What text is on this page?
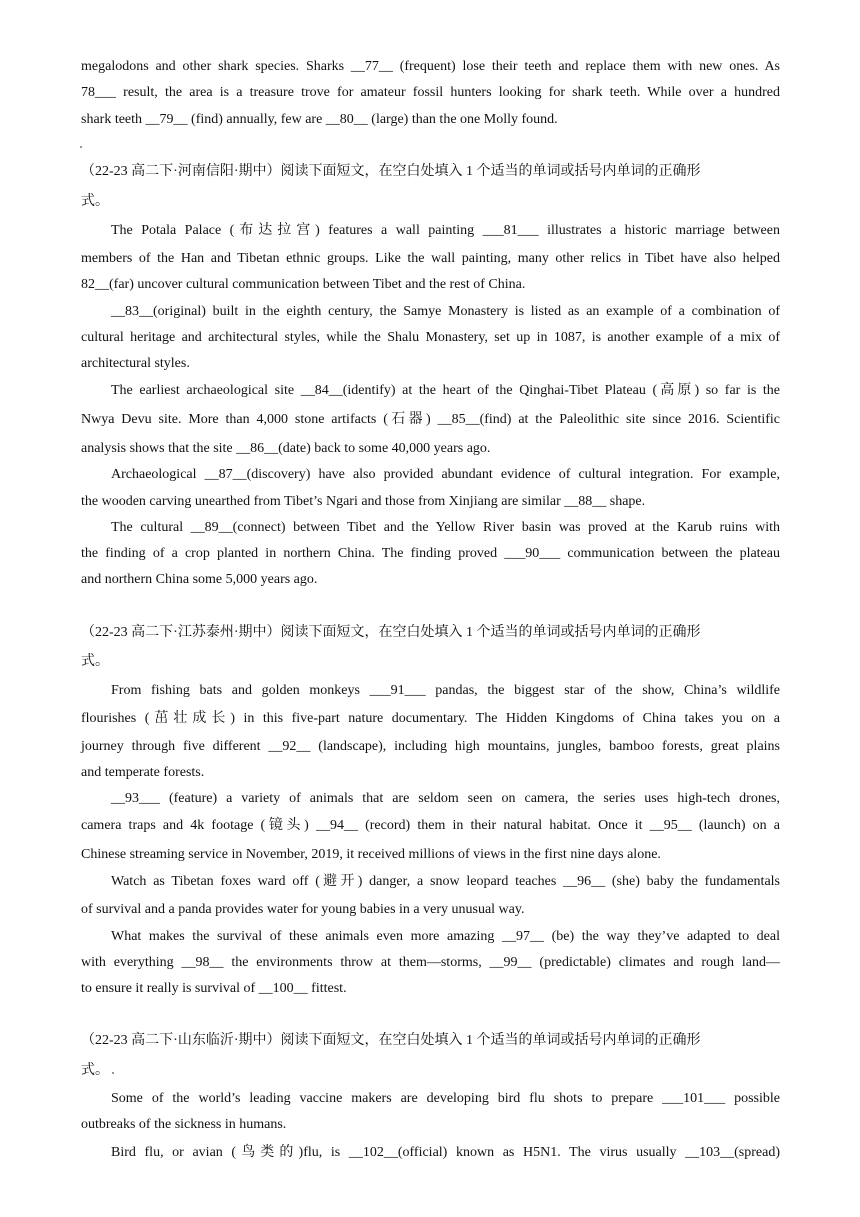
megalodons and other shark species. Sharks __77__ (frequent) lose their teeth and replace them with new ones. As
78___ result, the area is a treasure trove for amateur fossil hunters looking for shark teeth. While over a hundred
shark teeth __79__ (find) annually, few are __80__ (large) than the one Molly found.
（22-23 高二下·河南信阳·期中）阅读下面短文，在空白处填入 1 个适当的单词或括号内单词的正确形
式。
The Potala Palace (布达拉宫) features a wall painting ___81___ illustrates a historic marriage between
members of the Han and Tibetan ethnic groups. Like the wall painting, many other relics in Tibet have also helped
82__(far) uncover cultural communication between Tibet and the rest of China.
__83__(original) built in the eighth century, the Samye Monastery is listed as an example of a combination of
cultural heritage and architectural styles, while the Shalu Monastery, set up in 1087, is another example of a mix of
architectural styles.
The earliest archaeological site __84__(identify) at the heart of the Qinghai-Tibet Plateau (高原) so far is the
Nwya Devu site. More than 4,000 stone artifacts (石器) __85__(find) at the Paleolithic site since 2016. Scientific
analysis shows that the site __86__(date) back to some 40,000 years ago.
Archaeological __87__(discovery) have also provided abundant evidence of cultural integration. For example,
the wooden carving unearthed from Tibet’s Ngari and those from Xinjiang are similar __88__ shape.
The cultural __89__(connect) between Tibet and the Yellow River basin was proved at the Karub ruins with
the finding of a crop planted in northern China. The finding proved ___90___ communication between the plateau
and northern China some 5,000 years ago.
（22-23 高二下·江苏泰州·期中）阅读下面短文，在空白处填入 1 个适当的单词或括号内单词的正确形
式。
From fishing bats and golden monkeys ___91___ pandas, the biggest star of the show, China’s wildlife
flourishes (茁壮成长) in this five-part nature documentary. The Hidden Kingdoms of China takes you on a
journey through five different __92__ (landscape), including high mountains, jungles, bamboo forests, great plains
and temperate forests.
__93___ (feature) a variety of animals that are seldom seen on camera, the series uses high-tech drones,
camera traps and 4k footage (镜头) __94__ (record) them in their natural habitat. Once it __95__ (launch) on a
Chinese streaming service in November, 2019, it received millions of views in the first nine days alone.
Watch as Tibetan foxes ward off (避开) danger, a snow leopard teaches __96__ (she) baby the fundamentals
of survival and a panda provides water for young babies in a very unusual way.
What makes the survival of these animals even more amazing __97__ (be) the way they’ve adapted to deal
with everything __98__ the environments throw at them—storms, __99__ (predictable) climates and rough land—
to ensure it really is survival of __100__ fittest.
（22-23 高二下·山东临沂·期中）阅读下面短文，在空白处填入 1 个适当的单词或括号内单词的正确形
式。
Some of the world’s leading vaccine makers are developing bird flu shots to prepare ___101___ possible
outbreaks of the sickness in humans.
Bird flu, or avian (鸟类的)flu, is __102__(official) known as H5N1. The virus usually __103__(spread)
